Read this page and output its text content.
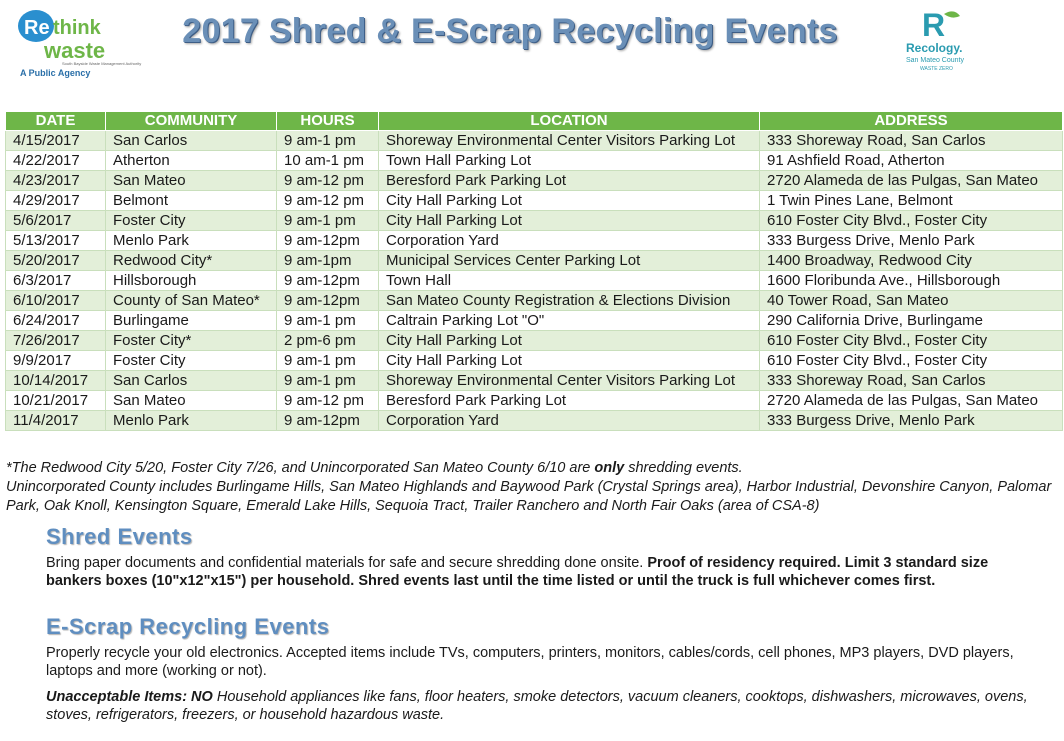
Re think
waste
South Bayside Waste Management Authority
A Public Agency
2017 Shred & E-Scrap Recycling Events	R
Recology.
San Mateo County
WASTE ZERO
DATE	COMMUNITY	HOURS	LOCATION	ADDRESS
4/15/2017	San Carlos	9 am-1 pm	Shoreway Environmental Center Visitors Parking Lot	333 Shoreway Road, San Carlos
4/22/2017	Atherton	10 am-1 pm	Town Hall Parking Lot	91 Ashfield Road, Atherton
4/23/2017	San Mateo	9 am-12 pm	Beresford Park Parking Lot	2720 Alameda de las Pulgas, San Mateo
4/29/2017	Belmont	9 am-12 pm	City Hall Parking Lot	1 Twin Pines Lane, Belmont
5/6/2017	Foster City	9 am-1 pm	City Hall Parking Lot	610 Foster City Blvd., Foster City
5/13/2017	Menlo Park	9 am-12pm	Corporation Yard	333 Burgess Drive, Menlo Park
5/20/2017	Redwood City*	9 am-1pm	Municipal Services Center Parking Lot	1400 Broadway, Redwood City
6/3/2017	Hillsborough	9 am-12pm	Town Hall	1600 Floribunda Ave., Hillsborough
6/10/2017	County of San Mateo*	9 am-12pm	San Mateo County Registration & Elections Division	40 Tower Road, San Mateo
6/24/2017	Burlingame	9 am-1 pm	Caltrain Parking Lot "O"	290 California Drive, Burlingame
7/26/2017	Foster City*	2 pm-6 pm	City Hall Parking Lot	610 Foster City Blvd., Foster City
9/9/2017	Foster City	9 am-1 pm	City Hall Parking Lot	610 Foster City Blvd., Foster City
10/14/2017	San Carlos	9 am-1 pm	Shoreway Environmental Center Visitors Parking Lot	333 Shoreway Road, San Carlos
10/21/2017	San Mateo	9 am-12 pm	Beresford Park Parking Lot	2720 Alameda de las Pulgas, San Mateo
11/4/2017	Menlo Park	9 am-12pm	Corporation Yard	333 Burgess Drive, Menlo Park
*The Redwood City 5/20, Foster City 7/26, and Unincorporated San Mateo County 6/10 are only shredding events.
Unincorporated County includes Burlingame Hills, San Mateo Highlands and Baywood Park (Crystal Springs area), Harbor Industrial, Devonshire Canyon, Palomar Park, Oak Knoll, Kensington Square, Emerald Lake Hills, Sequoia Tract, Trailer Ranchero and North Fair Oaks (area of CSA-8)
Shred Events
Bring paper documents and confidential materials for safe and secure shredding done onsite. Proof of residency required. Limit 3 standard size bankers boxes (10"x12"x15") per household. Shred events last until the time listed or until the truck is full whichever comes first.
E-Scrap Recycling Events
Properly recycle your old electronics. Accepted items include TVs, computers, printers, monitors, cables/cords, cell phones, MP3 players, DVD players, laptops and more (working or not).
Unacceptable Items: NO Household appliances like fans, floor heaters, smoke detectors, vacuum cleaners, cooktops, dishwashers, microwaves, ovens, stoves, refrigerators, freezers, or household hazardous waste.
